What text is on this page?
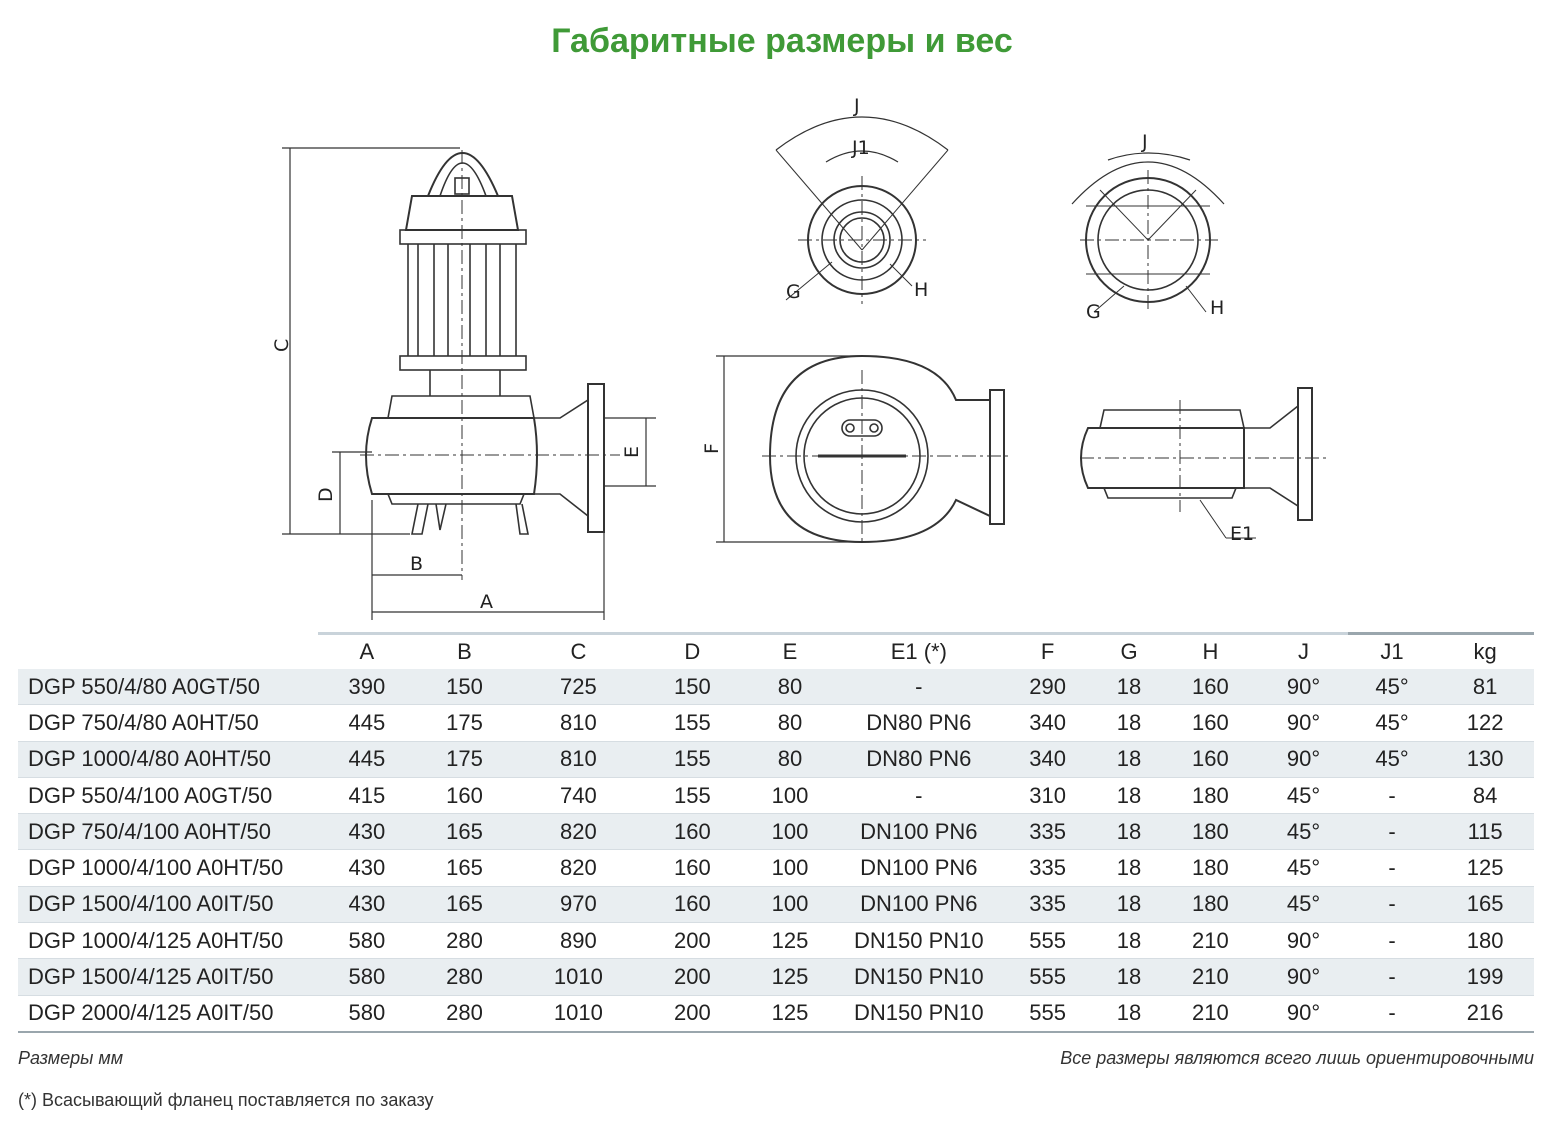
Габаритные размеры и вес
C
D
E
B
A
J
J1
G	H
J
G	H
F
E1
	A	B	C	D	E	E1 (*)	F	G	H	J	J1	kg
DGP 550/4/80 A0GT/50	390	150	725	150	80	-	290	18	160	90°	45°	81
DGP 750/4/80 A0HT/50	445	175	810	155	80	DN80 PN6	340	18	160	90°	45°	122
DGP 1000/4/80 A0HT/50	445	175	810	155	80	DN80 PN6	340	18	160	90°	45°	130
DGP 550/4/100 A0GT/50	415	160	740	155	100	-	310	18	180	45°	-	84
DGP 750/4/100 A0HT/50	430	165	820	160	100	DN100 PN6	335	18	180	45°	-	115
DGP 1000/4/100 A0HT/50	430	165	820	160	100	DN100 PN6	335	18	180	45°	-	125
DGP 1500/4/100 A0IT/50	430	165	970	160	100	DN100 PN6	335	18	180	45°	-	165
DGP 1000/4/125 A0HT/50	580	280	890	200	125	DN150 PN10	555	18	210	90°	-	180
DGP 1500/4/125 A0IT/50	580	280	1010	200	125	DN150 PN10	555	18	210	90°	-	199
DGP 2000/4/125 A0IT/50	580	280	1010	200	125	DN150 PN10	555	18	210	90°	-	216
Размеры мм	Все размеры являются всего лишь ориентировочными
(*) Всасывающий фланец поставляется по заказу
